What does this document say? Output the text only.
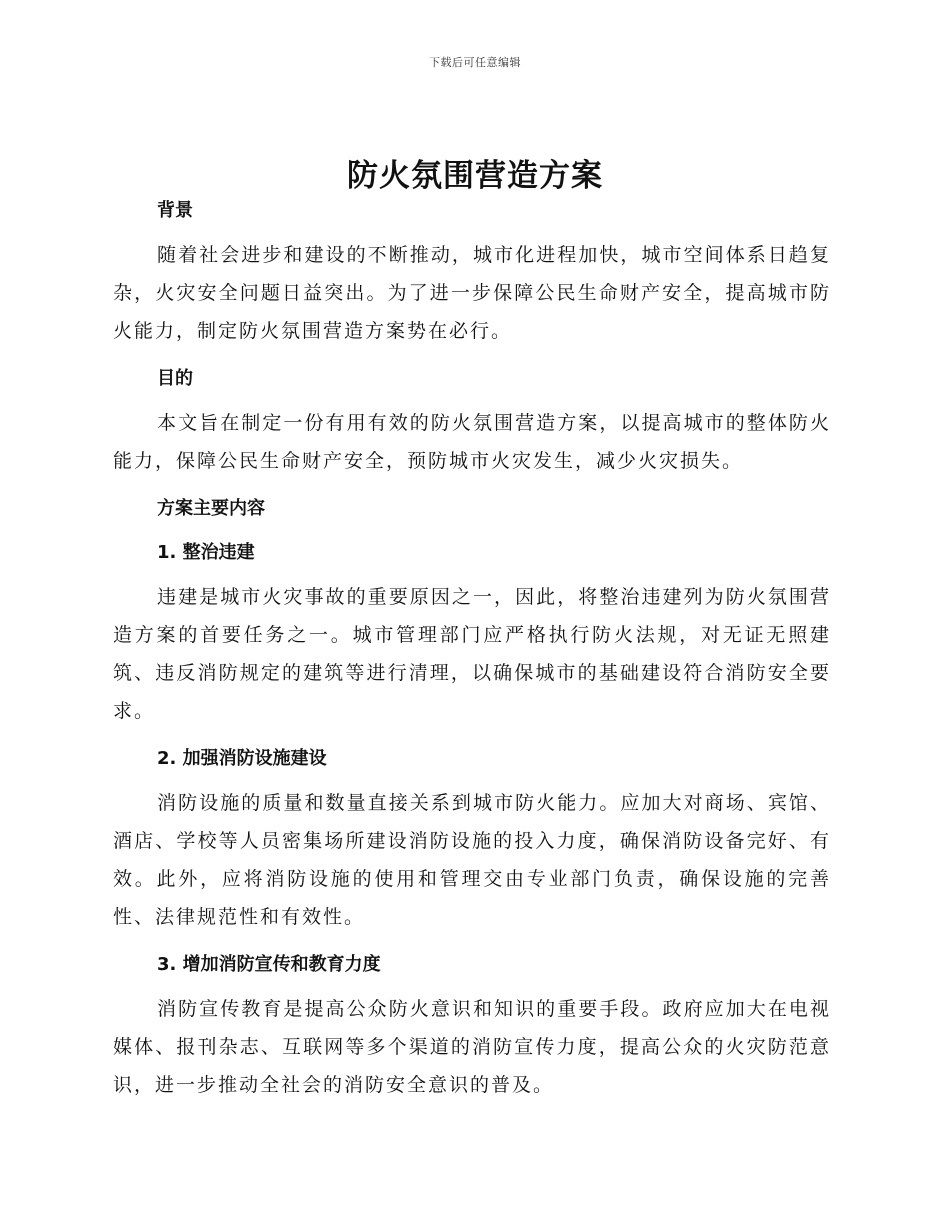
下载后可任意编辑
防火氛围营造方案
背景

随着社会进步和建设的不断推动，城市化进程加快，城市空间体系日趋复杂，火灾安全问题日益突出。为了进一步保障公民生命财产安全，提高城市防火能力，制定防火氛围营造方案势在必行。

目的

本文旨在制定一份有用有效的防火氛围营造方案，以提高城市的整体防火能力，保障公民生命财产安全，预防城市火灾发生，减少火灾损失。

方案主要内容
1. 整治违建

违建是城市火灾事故的重要原因之一，因此，将整治违建列为防火氛围营造方案的首要任务之一。城市管理部门应严格执行防火法规，对无证无照建筑、违反消防规定的建筑等进行清理，以确保城市的基础建设符合消防安全要求。

2. 加强消防设施建设

消防设施的质量和数量直接关系到城市防火能力。应加大对商场、宾馆、酒店、学校等人员密集场所建设消防设施的投入力度，确保消防设备完好、有效。此外，应将消防设施的使用和管理交由专业部门负责，确保设施的完善性、法律规范性和有效性。

3. 增加消防宣传和教育力度

消防宣传教育是提高公众防火意识和知识的重要手段。政府应加大在电视媒体、报刊杂志、互联网等多个渠道的消防宣传力度，提高公众的火灾防范意识，进一步推动全社会的消防安全意识的普及。
